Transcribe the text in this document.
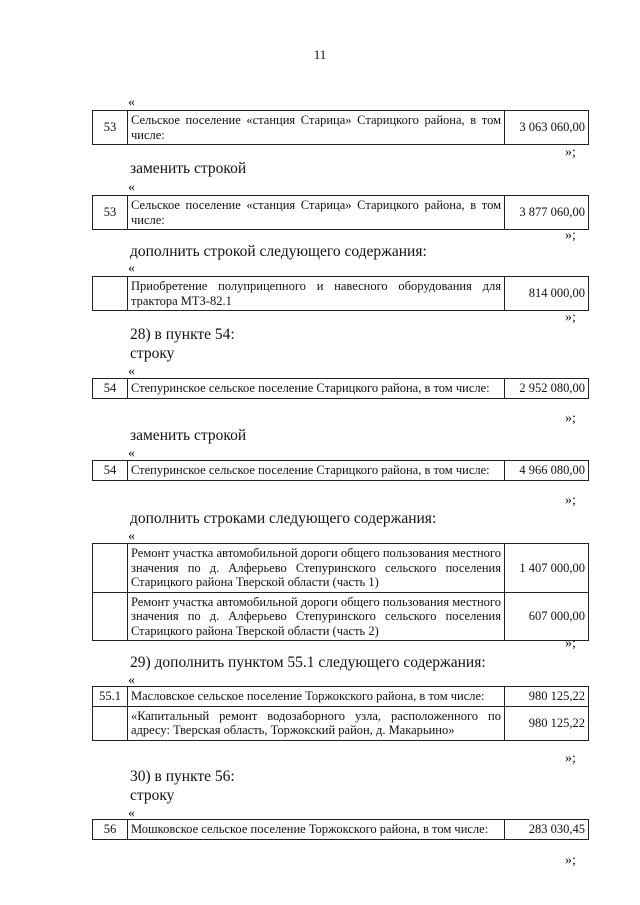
11
«
53	Сельское поселение «станция Старица» Старицкого района, в том числе:	3 063 060,00
»;
заменить строкой
«
53	Сельское поселение «станция Старица» Старицкого района, в том числе:	3 877 060,00
»;
дополнить строкой следующего содержания:
«
	Приобретение полуприцепного и навесного оборудования для трактора МТЗ-82.1	814 000,00
»;
28) в пункте 54:
строку
«
54	Степуринское сельское поселение Старицкого района, в том числе:	2 952 080,00
»;
заменить строкой
«
54	Степуринское сельское поселение Старицкого района, в том числе:	4 966 080,00
»;
дополнить строками следующего содержания:
«
	Ремонт участка автомобильной дороги общего пользования местного значения по д. Алферьево Степуринского сельского поселения Старицкого района Тверской области (часть 1)	1 407 000,00
	Ремонт участка автомобильной дороги общего пользования местного значения по д. Алферьево Степуринского сельского поселения Старицкого района Тверской области (часть 2)	607 000,00
»;
29) дополнить пунктом 55.1 следующего содержания:
«
55.1	Масловское сельское поселение Торжокского района, в том числе:	980 125,22
	«Капитальный ремонт водозаборного узла, расположенного по адресу: Тверская область, Торжокский район, д. Макарьино»	980 125,22
»;
30) в пункте 56:
строку
«
56	Мошковское сельское поселение Торжокского района, в том числе:	283 030,45
»;
